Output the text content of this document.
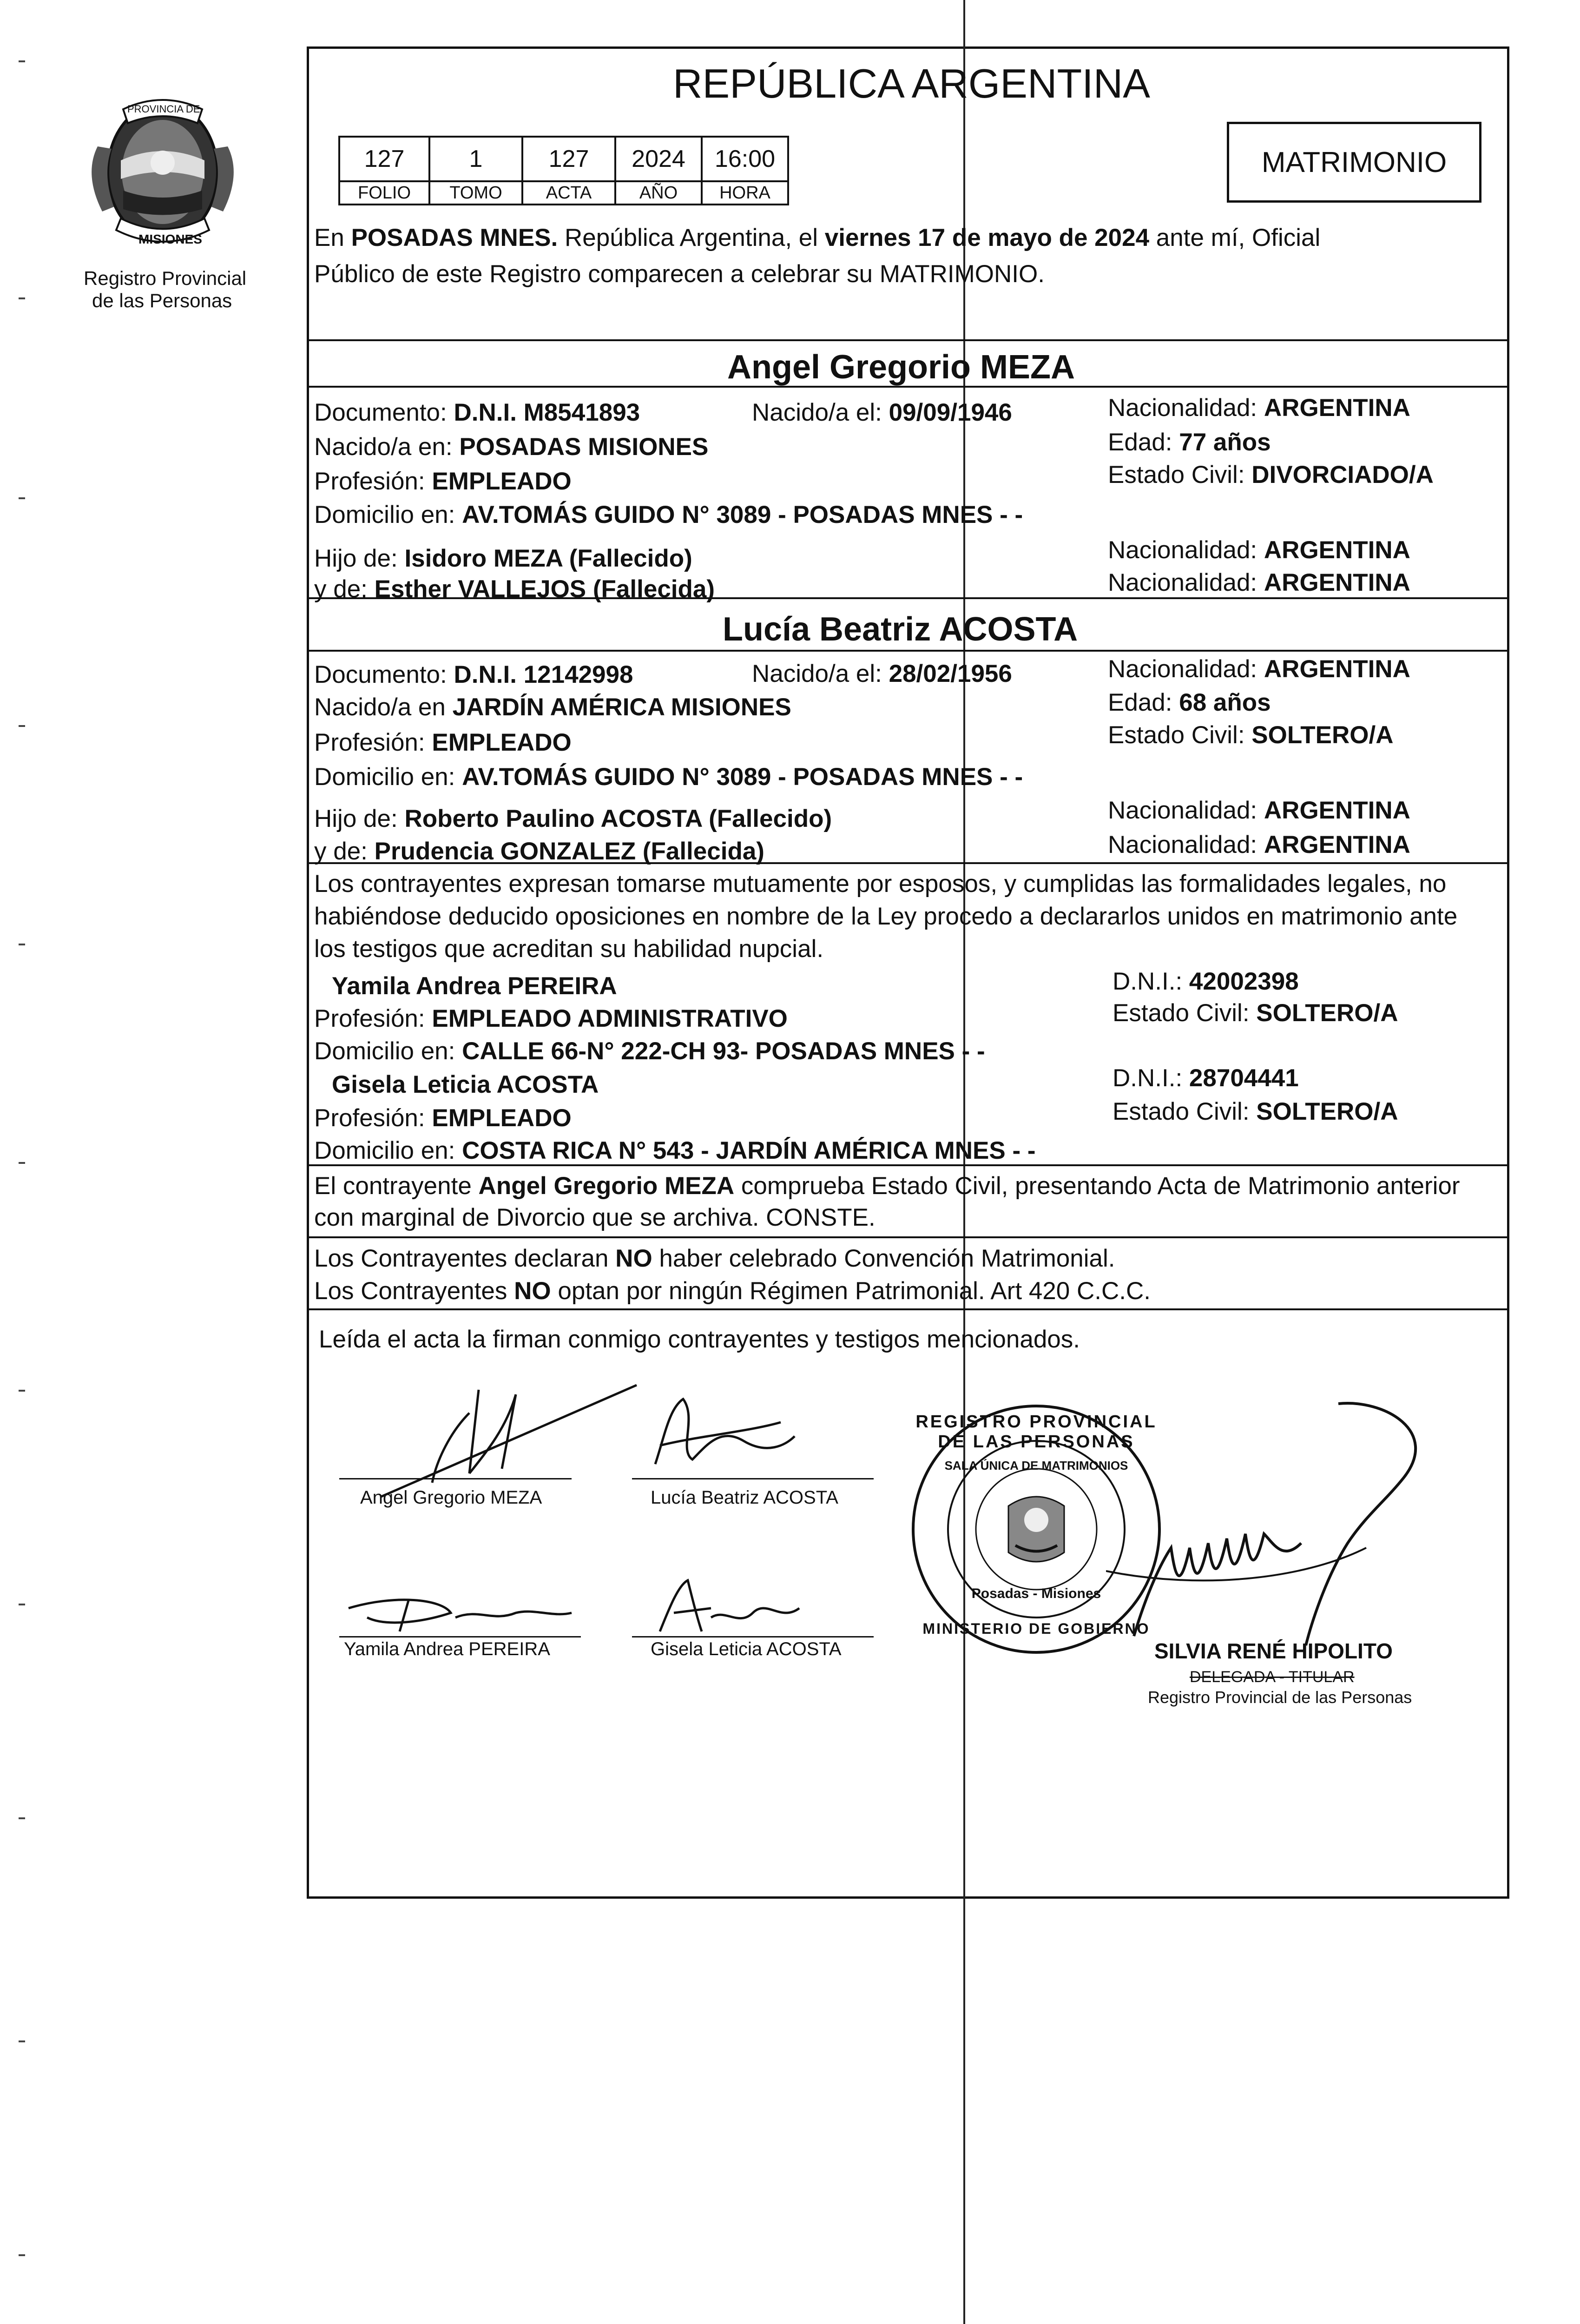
PROVINCIA DE
MISIONES
Registro Provincial
de las Personas
REPÚBLICA ARGENTINA
127	1	127	2024	16:00
FOLIO	TOMO	ACTA	AÑO	HORA
MATRIMONIO
En POSADAS MNES. República Argentina, el viernes 17 de mayo de 2024 ante mí, Oficial
Público de este Registro comparecen a celebrar su MATRIMONIO.
Angel Gregorio MEZA
Documento: D.N.I. M8541893	Nacido/a el: 09/09/1946	Nacionalidad: ARGENTINA
Nacido/a en: POSADAS MISIONES	Edad: 77 años
Profesión: EMPLEADO	Estado Civil: DIVORCIADO/A
Domicilio en: AV.TOMÁS GUIDO N° 3089 - POSADAS MNES - -
Hijo de: Isidoro MEZA (Fallecido)	Nacionalidad: ARGENTINA
y de: Esther VALLEJOS (Fallecida)	Nacionalidad: ARGENTINA
Lucía Beatriz ACOSTA
Documento: D.N.I. 12142998	Nacido/a el: 28/02/1956	Nacionalidad: ARGENTINA
Nacido/a en JARDÍN AMÉRICA MISIONES	Edad: 68 años
Profesión: EMPLEADO	Estado Civil: SOLTERO/A
Domicilio en: AV.TOMÁS GUIDO N° 3089 - POSADAS MNES - -
Hijo de: Roberto Paulino ACOSTA (Fallecido)	Nacionalidad: ARGENTINA
y de: Prudencia GONZALEZ (Fallecida)	Nacionalidad: ARGENTINA
Los contrayentes expresan tomarse mutuamente por esposos, y cumplidas las formalidades legales, no
habiéndose deducido oposiciones en nombre de la Ley procedo a declararlos unidos en matrimonio ante
los testigos que acreditan su habilidad nupcial.
Yamila Andrea PEREIRA	D.N.I.: 42002398
Profesión: EMPLEADO ADMINISTRATIVO	Estado Civil: SOLTERO/A
Domicilio en: CALLE 66-N° 222-CH 93- POSADAS MNES - -
Gisela Leticia ACOSTA	D.N.I.: 28704441
Profesión: EMPLEADO	Estado Civil: SOLTERO/A
Domicilio en: COSTA RICA N° 543 - JARDÍN AMÉRICA MNES - -
El contrayente Angel Gregorio MEZA comprueba Estado Civil, presentando Acta de Matrimonio anterior
con marginal de Divorcio que se archiva. CONSTE.
Los Contrayentes declaran NO haber celebrado Convención Matrimonial.
Los Contrayentes NO optan por ningún Régimen Patrimonial. Art 420 C.C.C.
Leída el acta la firman conmigo contrayentes y testigos mencionados.
Angel Gregorio MEZA	Lucía Beatriz ACOSTA
Yamila Andrea PEREIRA	Gisela Leticia ACOSTA
REGISTRO PROVINCIAL DE LAS PERSONAS
SALA ÚNICA DE MATRIMONIOS
Posadas - Misiones
MINISTERIO DE GOBIERNO
SILVIA RENÉ HIPOLITO
DELEGADA - TITULAR
Registro Provincial de las Personas
